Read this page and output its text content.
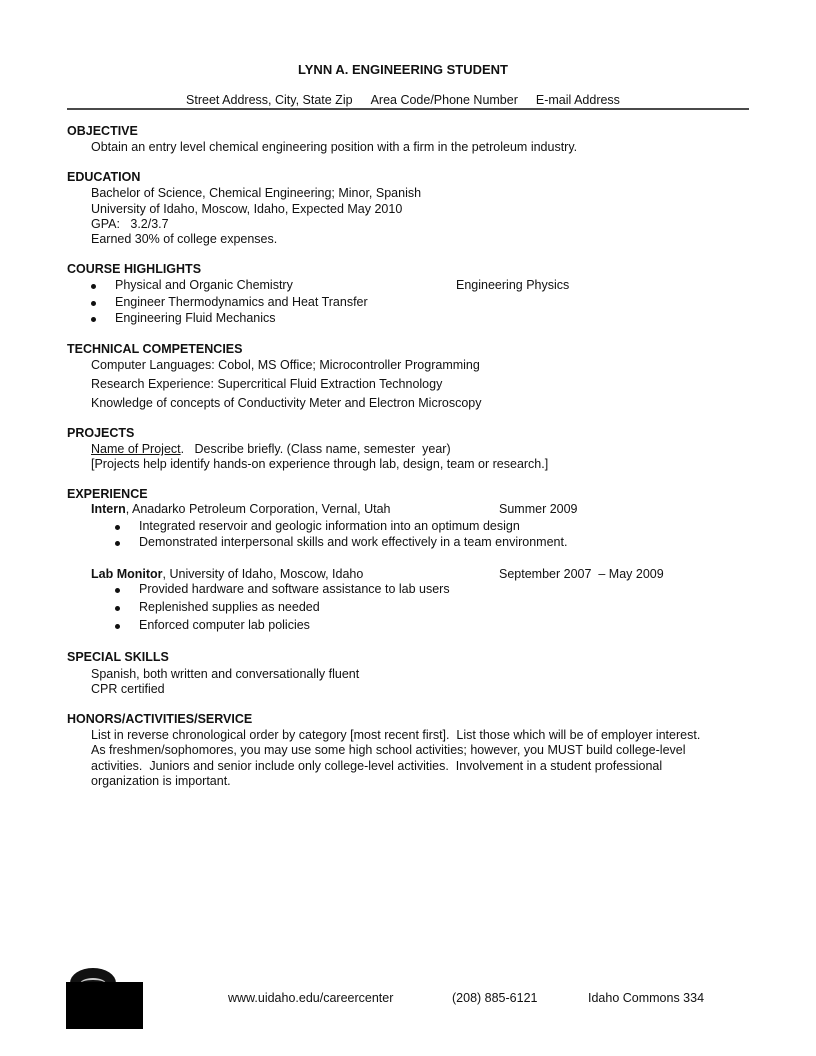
LYNN A. ENGINEERING STUDENT
Street Address, City, State Zip Area Code/Phone Number E-mail Address
OBJECTIVE
Obtain an entry level chemical engineering position with a firm in the petroleum industry.
EDUCATION
Bachelor of Science, Chemical Engineering; Minor, Spanish
University of Idaho, Moscow, Idaho, Expected May 2010
GPA:   3.2/3.7
Earned 30% of college expenses.
COURSE HIGHLIGHTS
Physical and Organic Chemistry
Engineer Thermodynamics and Heat Transfer
Engineering Fluid Mechanics
Engineering Physics
TECHNICAL COMPETENCIES
Computer Languages: Cobol, MS Office; Microcontroller Programming
Research Experience: Supercritical Fluid Extraction Technology
Knowledge of concepts of Conductivity Meter and Electron Microscopy
PROJECTS
Name of Project.   Describe briefly. (Class name, semester  year)
[Projects help identify hands-on experience through lab, design, team or research.]
EXPERIENCE
Intern, Anadarko Petroleum Corporation, Vernal, Utah	Summer 2009
Integrated reservoir and geologic information into an optimum design
Demonstrated interpersonal skills and work effectively in a team environment.
Lab Monitor, University of Idaho, Moscow, Idaho	September 2007  – May 2009
Provided hardware and software assistance to lab users
Replenished supplies as needed
Enforced computer lab policies
SPECIAL SKILLS
Spanish, both written and conversationally fluent
CPR certified
HONORS/ACTIVITIES/SERVICE
List in reverse chronological order by category [most recent first].  List those which will be of employer interest.
As freshmen/sophomores, you may use some high school activities; however, you MUST build college-level
activities.  Juniors and senior include only college-level activities.  Involvement in a student professional
organization is important.
www.uidaho.edu/careercenter	(208) 885-6121	Idaho Commons 334
